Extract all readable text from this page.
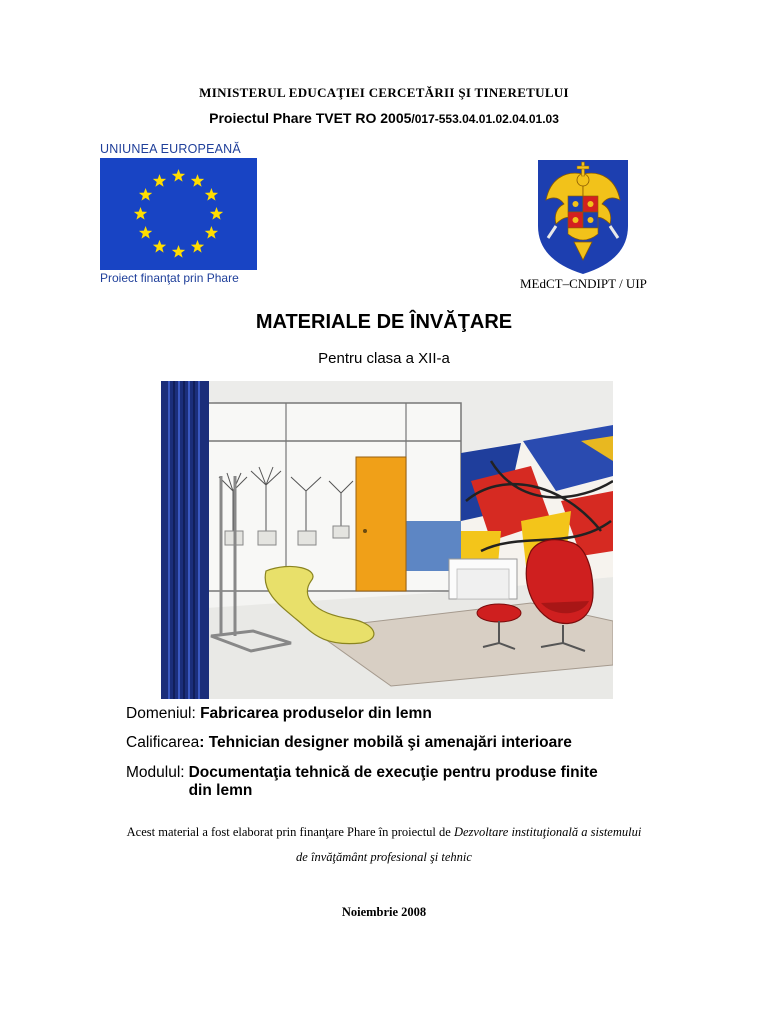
MINISTERUL EDUCAŢIEI CERCETĂRII ŞI TINERETULUI
Proiectul Phare TVET RO 2005/017-553.04.01.02.04.01.03
UNIUNEA EUROPEANĂ
Proiect finanţat prin Phare	MEdCT–CNDIPT / UIP
MATERIALE DE ÎNVĂŢARE
Pentru clasa a XII-a
Domeniul: Fabricarea produselor din lemn
Calificarea: Tehnician designer mobilă şi amenajări interioare
Modulul: Documentaţia tehnică de execuţie pentru produse finite
din lemn
Acest material a fost elaborat prin finanţare Phare în proiectul de Dezvoltare instituţională a sistemului
de învăţământ profesional şi tehnic
Noiembrie 2008
